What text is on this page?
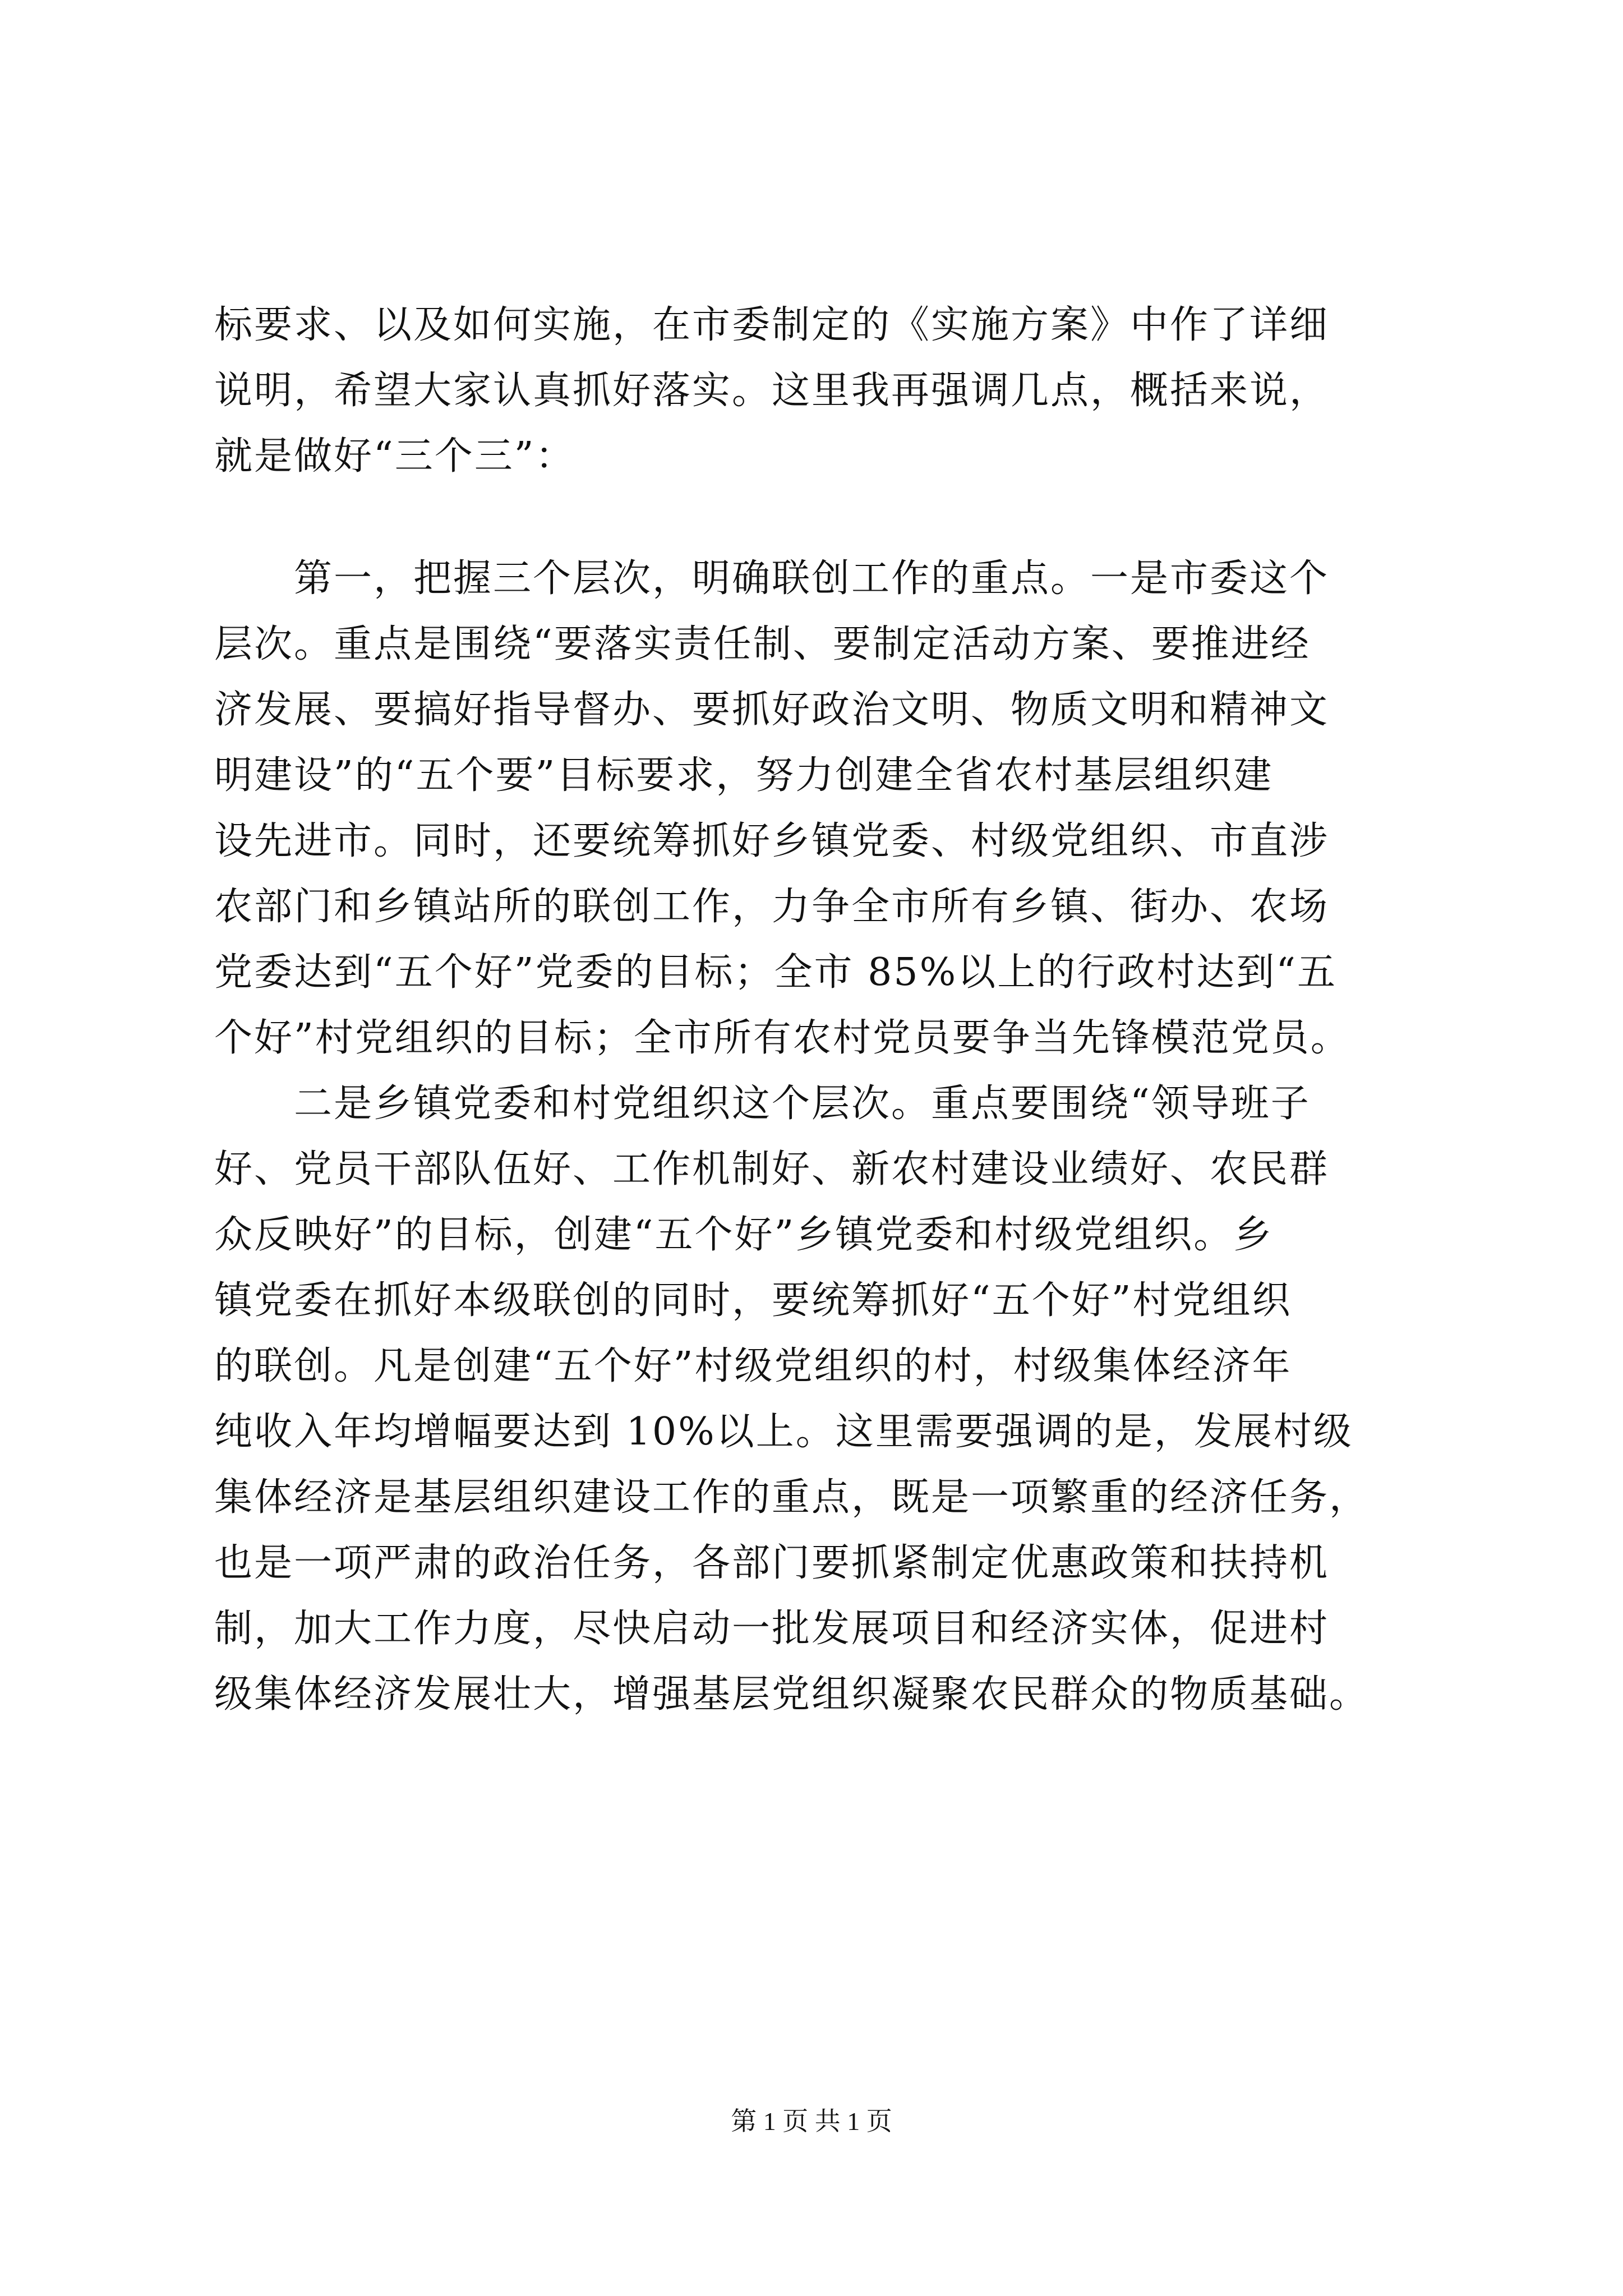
标要求、以及如何实施，在市委制定的《实施方案》中作了详细
说明，希望大家认真抓好落实。这里我再强调几点，概括来说，
就是做好“三个三”：
　　第一，把握三个层次，明确联创工作的重点。一是市委这个
层次。重点是围绕“要落实责任制、要制定活动方案、要推进经
济发展、要搞好指导督办、要抓好政治文明、物质文明和精神文
明建设”的“五个要”目标要求，努力创建全省农村基层组织建
设先进市。同时，还要统筹抓好乡镇党委、村级党组织、市直涉
农部门和乡镇站所的联创工作，力争全市所有乡镇、街办、农场
党委达到“五个好”党委的目标；全市 85%以上的行政村达到“五
个好”村党组织的目标；全市所有农村党员要争当先锋模范党员。
　　二是乡镇党委和村党组织这个层次。重点要围绕“领导班子
好、党员干部队伍好、工作机制好、新农村建设业绩好、农民群
众反映好”的目标，创建“五个好”乡镇党委和村级党组织。乡
镇党委在抓好本级联创的同时，要统筹抓好“五个好”村党组织
的联创。凡是创建“五个好”村级党组织的村，村级集体经济年
纯收入年均增幅要达到 10%以上。这里需要强调的是，发展村级
集体经济是基层组织建设工作的重点，既是一项繁重的经济任务，
也是一项严肃的政治任务，各部门要抓紧制定优惠政策和扶持机
制，加大工作力度，尽快启动一批发展项目和经济实体，促进村
级集体经济发展壮大，增强基层党组织凝聚农民群众的物质基础。
第 1 页 共 1 页
